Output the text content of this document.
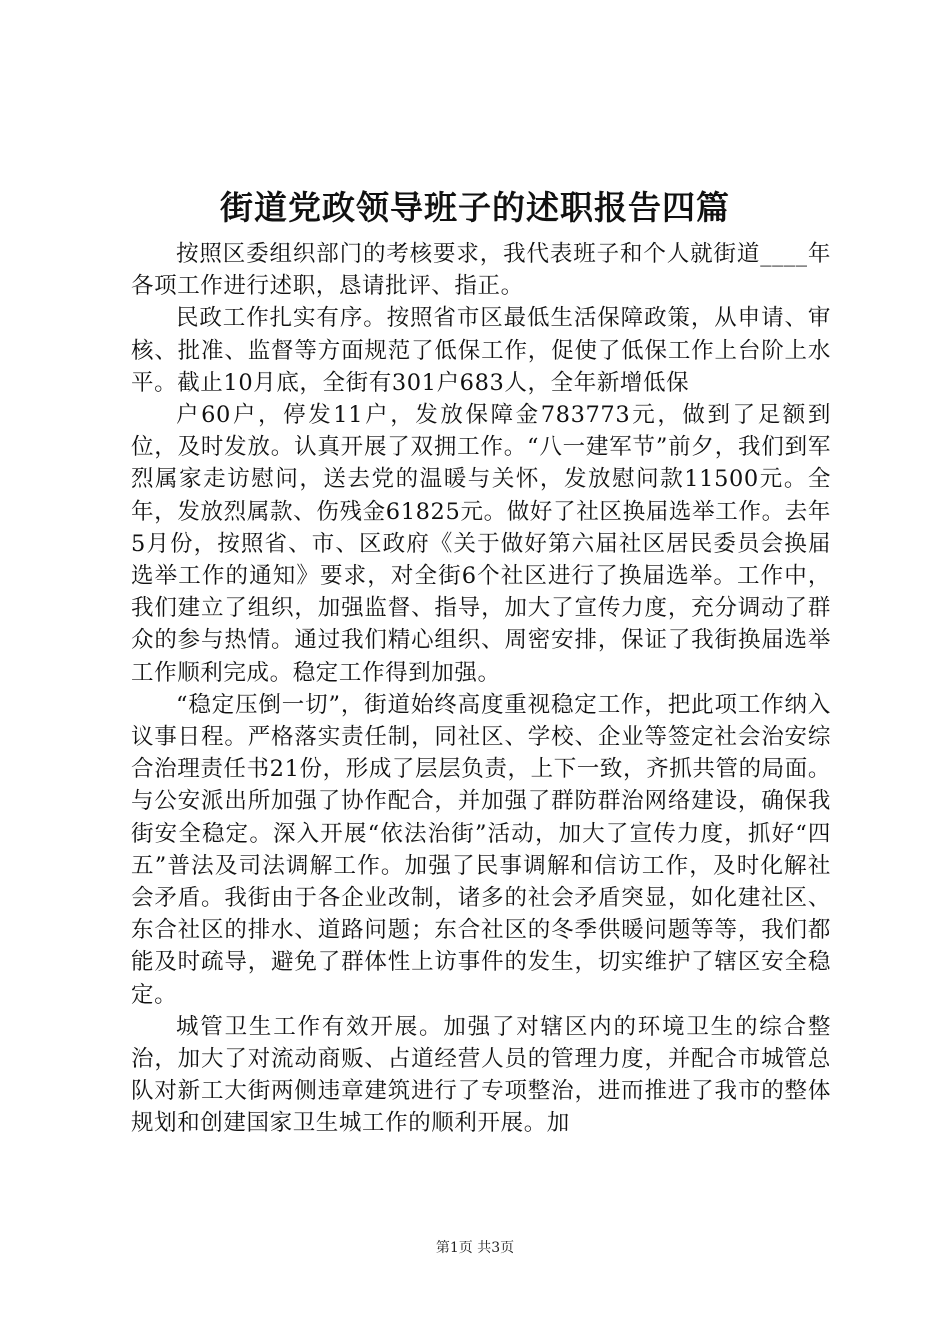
街道党政领导班子的述职报告四篇

按照区委组织部门的考核要求，我代表班子和个人就街道____年各项工作进行述职，恳请批评、指正。

民政工作扎实有序。按照省市区最低生活保障政策，从申请、审核、批准、监督等方面规范了低保工作，促使了低保工作上台阶上水平。截止10月底，全街有301户683人，全年新增低保

户60户，停发11户，发放保障金783773元，做到了足额到位，及时发放。认真开展了双拥工作。“八一建军节”前夕，我们到军烈属家走访慰问，送去党的温暖与关怀，发放慰问款11500元。全年，发放烈属款、伤残金61825元。做好了社区换届选举工作。去年5月份，按照省、市、区政府《关于做好第六届社区居民委员会换届选举工作的通知》要求，对全街6个社区进行了换届选举。工作中，我们建立了组织，加强监督、指导，加大了宣传力度，充分调动了群众的参与热情。通过我们精心组织、周密安排，保证了我街换届选举工作顺利完成。稳定工作得到加强。

“稳定压倒一切”，街道始终高度重视稳定工作，把此项工作纳入议事日程。严格落实责任制，同社区、学校、企业等签定社会治安综合治理责任书21份，形成了层层负责，上下一致，齐抓共管的局面。与公安派出所加强了协作配合，并加强了群防群治网络建设，确保我街安全稳定。深入开展“依法治街”活动，加大了宣传力度，抓好“四五”普法及司法调解工作。加强了民事调解和信访工作，及时化解社会矛盾。我街由于各企业改制，诸多的社会矛盾突显，如化建社区、东合社区的排水、道路问题；东合社区的冬季供暖问题等等，我们都能及时疏导，避免了群体性上访事件的发生，切实维护了辖区安全稳定。

城管卫生工作有效开展。加强了对辖区内的环境卫生的综合整治，加大了对流动商贩、占道经营人员的管理力度，并配合市城管总队对新工大街两侧违章建筑进行了专项整治，进而推进了我市的整体规划和创建国家卫生城工作的顺利开展。加

第1页 共3页
